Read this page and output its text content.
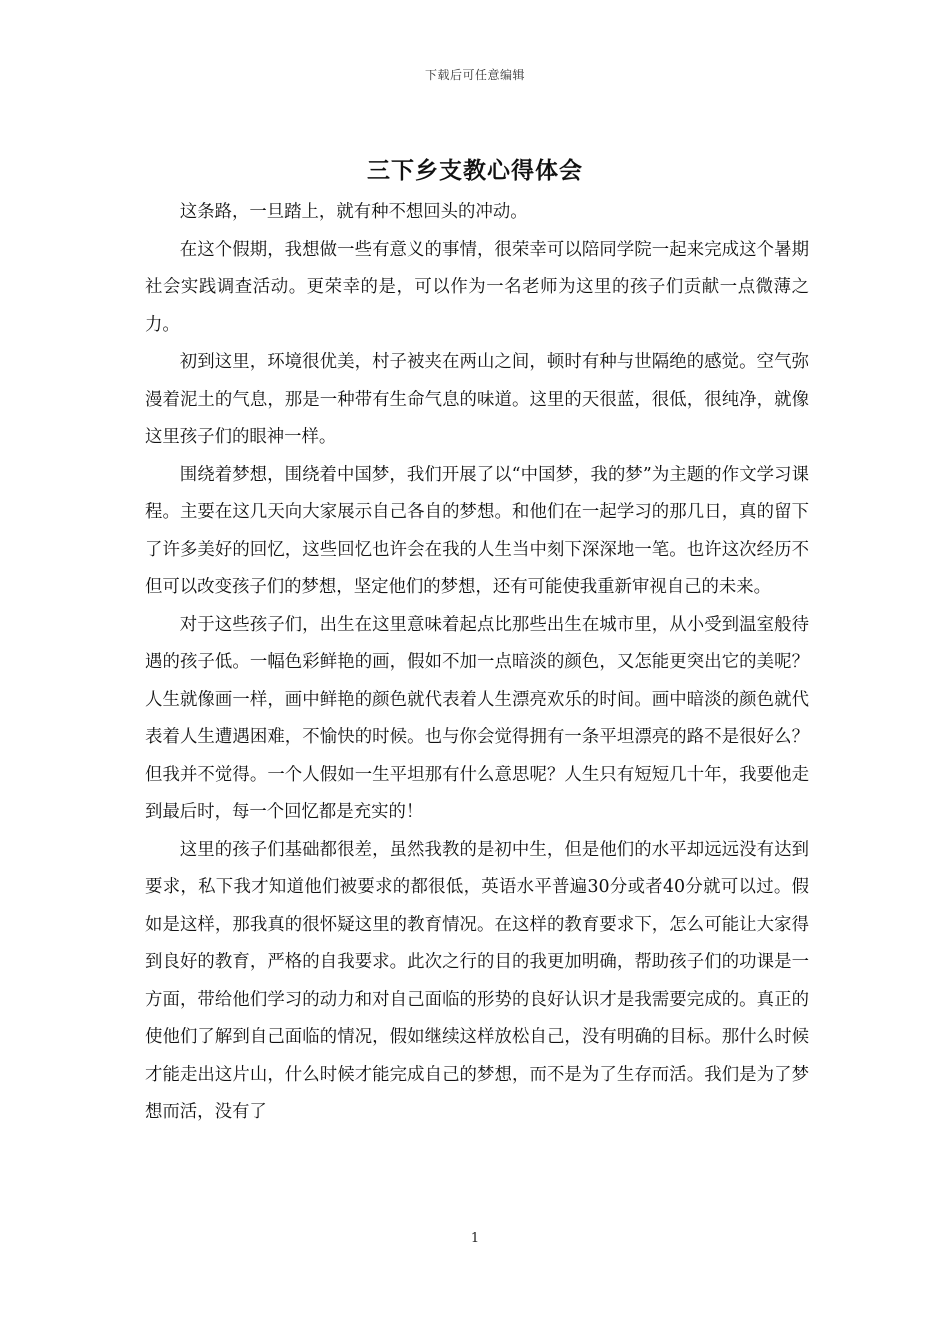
下载后可任意编辑
三下乡支教心得体会

这条路，一旦踏上，就有种不想回头的冲动。

在这个假期，我想做一些有意义的事情，很荣幸可以陪同学院一起来完成这个暑期社会实践调查活动。更荣幸的是，可以作为一名老师为这里的孩子们贡献一点微薄之力。

初到这里，环境很优美，村子被夹在两山之间，顿时有种与世隔绝的感觉。空气弥漫着泥土的气息，那是一种带有生命气息的味道。这里的天很蓝，很低，很纯净，就像这里孩子们的眼神一样。

围绕着梦想，围绕着中国梦，我们开展了以“中国梦，我的梦”为主题的作文学习课程。主要在这几天向大家展示自己各自的梦想。和他们在一起学习的那几日，真的留下了许多美好的回忆，这些回忆也许会在我的人生当中刻下深深地一笔。也许这次经历不但可以改变孩子们的梦想，坚定他们的梦想，还有可能使我重新审视自己的未来。

对于这些孩子们，出生在这里意味着起点比那些出生在城市里，从小受到温室般待遇的孩子低。一幅色彩鲜艳的画，假如不加一点暗淡的颜色，又怎能更突出它的美呢？人生就像画一样，画中鲜艳的颜色就代表着人生漂亮欢乐的时间。画中暗淡的颜色就代表着人生遭遇困难，不愉快的时候。也与你会觉得拥有一条平坦漂亮的路不是很好么？但我并不觉得。一个人假如一生平坦那有什么意思呢？人生只有短短几十年，我要他走到最后时，每一个回忆都是充实的！

这里的孩子们基础都很差，虽然我教的是初中生，但是他们的水平却远远没有达到要求，私下我才知道他们被要求的都很低，英语水平普遍30分或者40分就可以过。假如是这样，那我真的很怀疑这里的教育情况。在这样的教育要求下，怎么可能让大家得到良好的教育，严格的自我要求。此次之行的目的我更加明确，帮助孩子们的功课是一方面，带给他们学习的动力和对自己面临的形势的良好认识才是我需要完成的。真正的使他们了解到自己面临的情况，假如继续这样放松自己，没有明确的目标。那什么时候才能走出这片山，什么时候才能完成自己的梦想，而不是为了生存而活。我们是为了梦想而活，没有了

1
